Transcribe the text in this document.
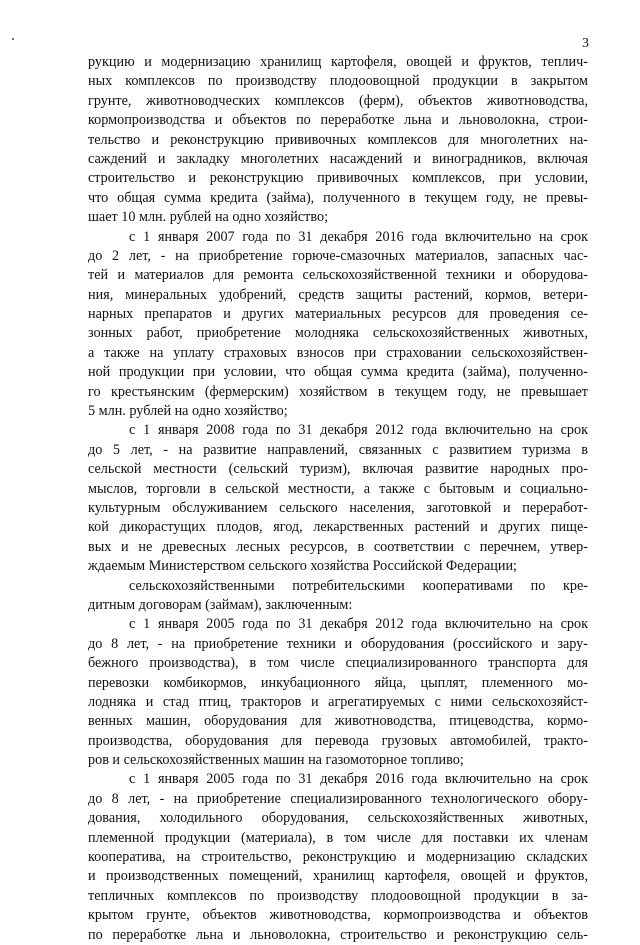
3
рукцию и модернизацию хранилищ картофеля, овощей и фруктов, теплич-
ных комплексов по производству плодоовощной продукции в закрытом
грунте, животноводческих комплексов (ферм), объектов животноводства,
кормопроизводства и объектов по переработке льна и льноволокна, строи-
тельство и реконструкцию прививочных комплексов для многолетних на-
саждений и закладку многолетних насаждений и виноградников, включая
строительство и реконструкцию прививочных комплексов, при условии,
что общая сумма кредита (займа), полученного в текущем году, не превы-
шает 10 млн. рублей на одно хозяйство;
с 1 января 2007 года по 31 декабря 2016 года включительно на срок
до 2 лет, - на приобретение горюче-смазочных материалов, запасных час-
тей и материалов для ремонта сельскохозяйственной техники и оборудова-
ния, минеральных удобрений, средств защиты растений, кормов, ветери-
нарных препаратов и других материальных ресурсов для проведения се-
зонных работ, приобретение молодняка сельскохозяйственных животных,
а также на уплату страховых взносов при страховании сельскохозяйствен-
ной продукции при условии, что общая сумма кредита (займа), полученно-
го крестьянским (фермерским) хозяйством в текущем году, не превышает
5 млн. рублей на одно хозяйство;
с 1 января 2008 года по 31 декабря 2012 года включительно на срок
до 5 лет, - на развитие направлений, связанных с развитием туризма в
сельской местности (сельский туризм), включая развитие народных про-
мыслов, торговли в сельской местности, а также с бытовым и социально-
культурным обслуживанием сельского населения, заготовкой и переработ-
кой дикорастущих плодов, ягод, лекарственных растений и других пище-
вых и не древесных лесных ресурсов, в соответствии с перечнем, утвер-
ждаемым Министерством сельского хозяйства Российской Федерации;
сельскохозяйственными потребительскими кооперативами по кре-
дитным договорам (займам), заключенным:
с 1 января 2005 года по 31 декабря 2012 года включительно на срок
до 8 лет, - на приобретение техники и оборудования (российского и зару-
бежного производства), в том числе специализированного транспорта для
перевозки комбикормов, инкубационного яйца, цыплят, племенного мо-
лодняка и стад птиц, тракторов и агрегатируемых с ними сельскохозяйст-
венных машин, оборудования для животноводства, птицеводства, кормо-
производства, оборудования для перевода грузовых автомобилей, тракто-
ров и сельскохозяйственных машин на газомоторное топливо;
с 1 января 2005 года по 31 декабря 2016 года включительно на срок
до 8 лет, - на приобретение специализированного технологического обору-
дования, холодильного оборудования, сельскохозяйственных животных,
племенной продукции (материала), в том числе для поставки их членам
кооператива, на строительство, реконструкцию и модернизацию складских
и производственных помещений, хранилищ картофеля, овощей и фруктов,
тепличных комплексов по производству плодоовощной продукции в за-
крытом грунте, объектов животноводства, кормопроизводства и объектов
по переработке льна и льноволокна, строительство и реконструкцию сель-
